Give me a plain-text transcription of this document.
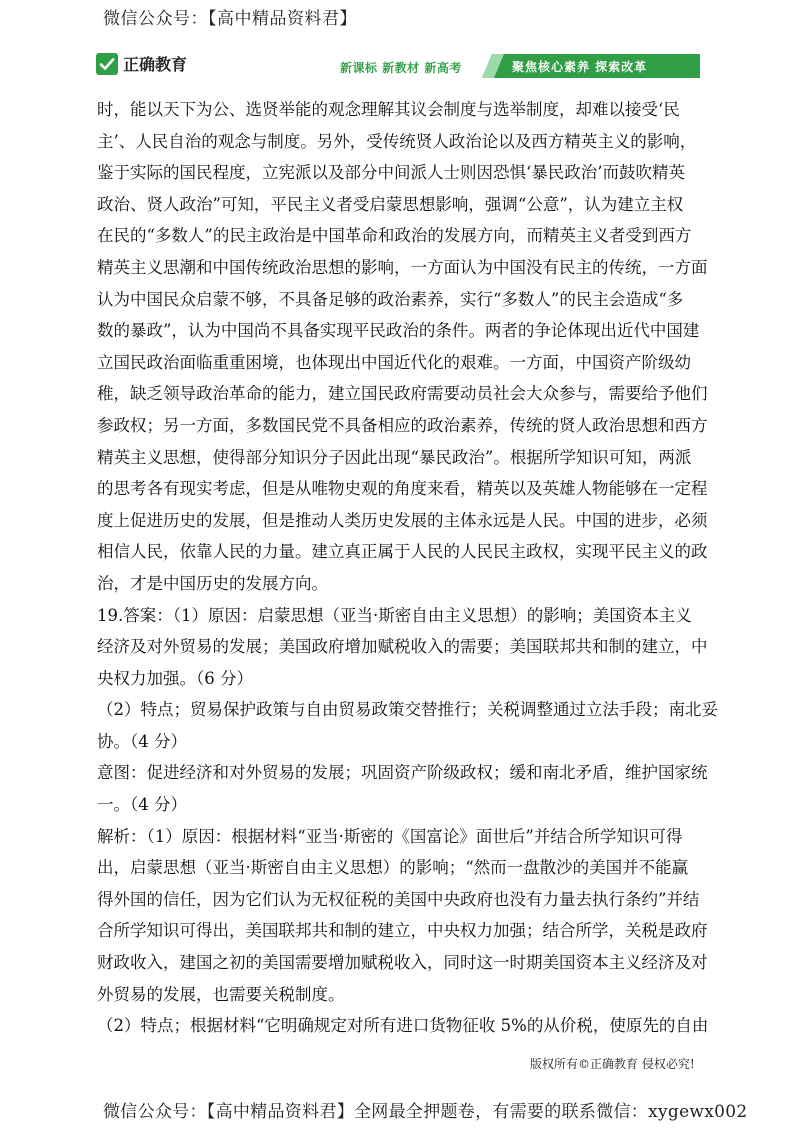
微信公众号：【高中精品资料君】
正确教育	新课标 新教材 新高考	聚焦核心素养 探索改革
时，能以天下为公、选贤举能的观念理解其议会制度与选举制度，却难以接受‘民
主’、人民自治的观念与制度。另外，受传统贤人政治论以及西方精英主义的影响，
鉴于实际的国民程度，立宪派以及部分中间派人士则因恐惧‘暴民政治’而鼓吹精英
政治、贤人政治”可知，平民主义者受启蒙思想影响，强调“公意”，认为建立主权
在民的“多数人”的民主政治是中国革命和政治的发展方向，而精英主义者受到西方
精英主义思潮和中国传统政治思想的影响，一方面认为中国没有民主的传统，一方面
认为中国民众启蒙不够，不具备足够的政治素养，实行“多数人”的民主会造成“多
数的暴政”，认为中国尚不具备实现平民政治的条件。两者的争论体现出近代中国建
立国民政治面临重重困境，也体现出中国近代化的艰难。一方面，中国资产阶级幼
稚，缺乏领导政治革命的能力，建立国民政府需要动员社会大众参与，需要给予他们
参政权；另一方面，多数国民党不具备相应的政治素养，传统的贤人政治思想和西方
精英主义思想，使得部分知识分子因此出现“暴民政治”。根据所学知识可知，两派
的思考各有现实考虑，但是从唯物史观的角度来看，精英以及英雄人物能够在一定程
度上促进历史的发展，但是推动人类历史发展的主体永远是人民。中国的进步，必须
相信人民，依靠人民的力量。建立真正属于人民的人民民主政权，实现平民主义的政
治，才是中国历史的发展方向。
19.答案：（1）原因：启蒙思想（亚当·斯密自由主义思想）的影响；美国资本主义
经济及对外贸易的发展；美国政府增加赋税收入的需要；美国联邦共和制的建立，中
央权力加强。（6 分）
（2）特点；贸易保护政策与自由贸易政策交替推行；关税调整通过立法手段；南北妥
协。（4 分）
意图：促进经济和对外贸易的发展；巩固资产阶级政权；缓和南北矛盾，维护国家统
一。（4 分）
解析：（1）原因：根据材料“亚当·斯密的《国富论》面世后”并结合所学知识可得
出，启蒙思想（亚当·斯密自由主义思想）的影响；“然而一盘散沙的美国并不能赢
得外国的信任，因为它们认为无权征税的美国中央政府也没有力量去执行条约”并结
合所学知识可得出，美国联邦共和制的建立，中央权力加强；结合所学，关税是政府
财政收入，建国之初的美国需要增加赋税收入，同时这一时期美国资本主义经济及对
外贸易的发展，也需要关税制度。
（2）特点；根据材料“它明确规定对所有进口货物征收 5%的从价税，使原先的自由
版权所有©正确教育 侵权必究!
微信公众号：【高中精品资料君】全网最全押题卷，有需要的联系微信：xygewx002
